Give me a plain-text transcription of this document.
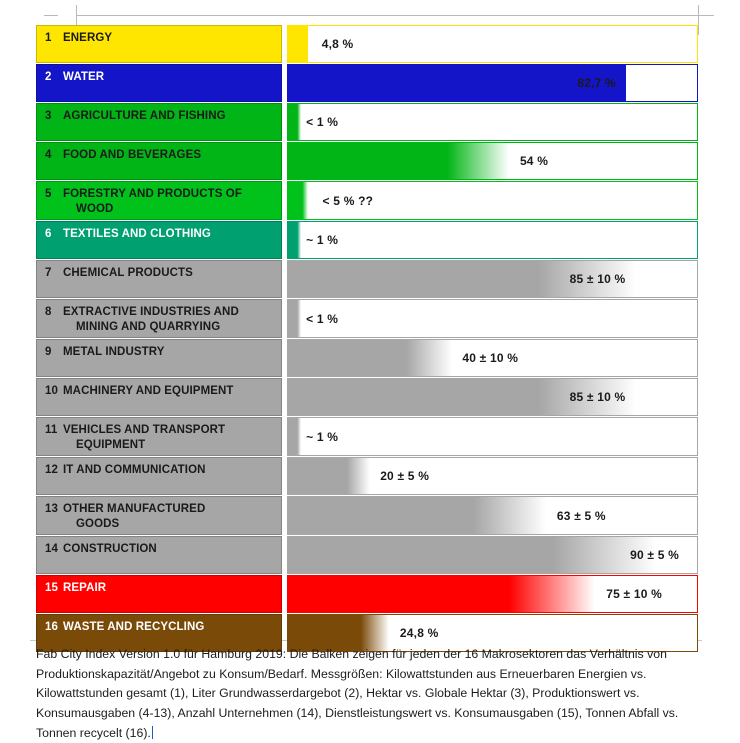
1	ENERGY	4,8 %
2	WATER	82,7 %
3	AGRICULTURE AND FISHING	< 1 %
4	FOOD AND BEVERAGES	54 %
5	FORESTRY AND PRODUCTS OF
WOOD
< 5 % ??
6	TEXTILES AND CLOTHING	~ 1 %
7	CHEMICAL PRODUCTS	85 ± 10 %
8	EXTRACTIVE INDUSTRIES AND
MINING AND QUARRYING
< 1 %
9	METAL INDUSTRY	40 ± 10 %
10 MACHINERY AND EQUIPMENT	85 ± 10 %
11 VEHICLES AND TRANSPORT
EQUIPMENT
~ 1 %
12 IT AND COMMUNICATION	20 ± 5 %
13 OTHER MANUFACTURED
GOODS
63 ± 5 %
14 CONSTRUCTION	90 ± 5 %
15 REPAIR	75 ± 10 %
16 WASTE AND RECYCLING	24,8 %
Fab City Index Version 1.0 für Hamburg 2019: Die Balken zeigen für jeden der 16 Makrosektoren das Verhältnis von Produktionskapazität/Angebot zu Konsum/Bedarf. Messgrößen: Kilowattstunden aus Erneuerbaren Energien vs. Kilowattstunden gesamt (1), Liter Grundwasserdargebot (2), Hektar vs. Globale Hektar (3), Produktionswert vs. Konsumausgaben (4-13), Anzahl Unternehmen (14), Dienstleistungswert vs. Konsumausgaben (15), Tonnen Abfall vs. Tonnen recycelt (16).
